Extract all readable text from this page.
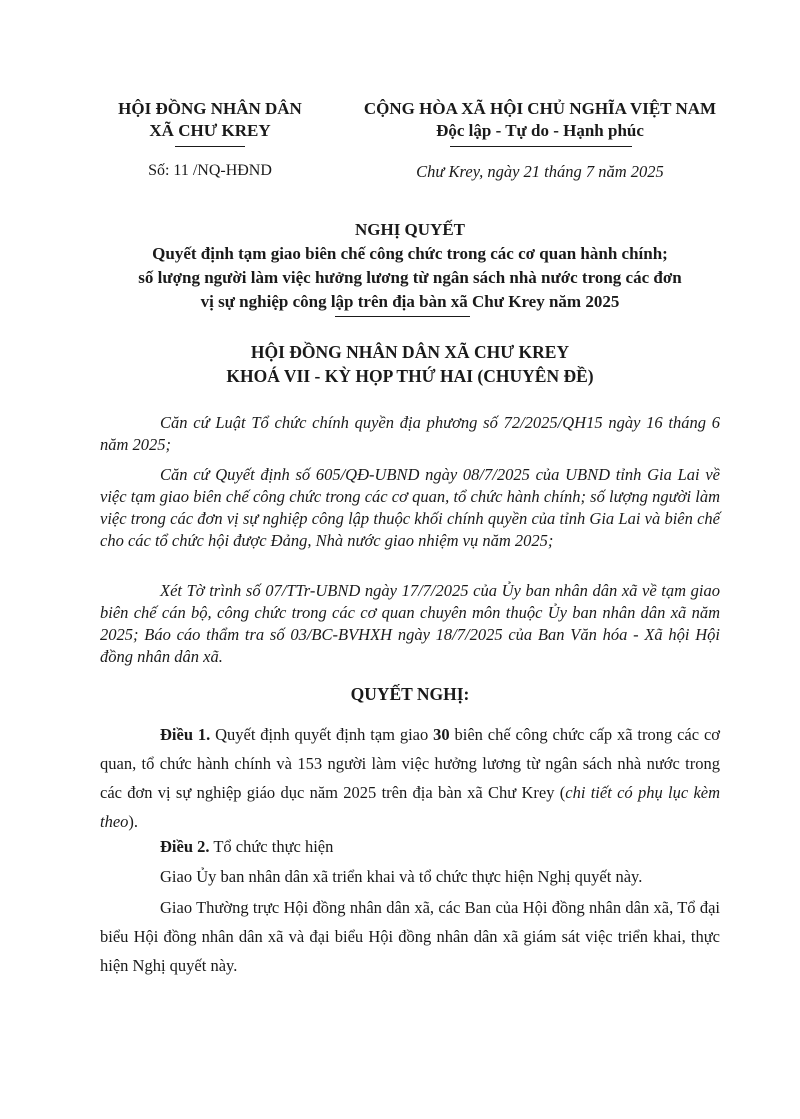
HỘI ĐỒNG NHÂN DÂN
XÃ CHƯ KREY
Số: 11 /NQ-HĐND
CỘNG HÒA XÃ HỘI CHỦ NGHĨA VIỆT NAM
Độc lập - Tự do - Hạnh phúc
Chư Krey, ngày 21 tháng 7 năm 2025
NGHỊ QUYẾT
Quyết định tạm giao biên chế công chức trong các cơ quan hành chính;
số lượng người làm việc hưởng lương từ ngân sách nhà nước trong các đơn
vị sự nghiệp công lập trên địa bàn xã Chư Krey năm 2025
HỘI ĐỒNG NHÂN DÂN XÃ CHƯ KREY
KHOÁ VII - KỲ HỌP THỨ HAI (CHUYÊN ĐỀ)
Căn cứ Luật Tổ chức chính quyền địa phương số 72/2025/QH15 ngày 16 tháng 6 năm 2025;
Căn cứ Quyết định số 605/QĐ-UBND ngày 08/7/2025 của UBND tỉnh Gia Lai về việc tạm giao biên chế công chức trong các cơ quan, tổ chức hành chính; số lượng người làm việc trong các đơn vị sự nghiệp công lập thuộc khối chính quyền của tỉnh Gia Lai và biên chế cho các tổ chức hội được Đảng, Nhà nước giao nhiệm vụ năm 2025;
Xét Tờ trình số 07/TTr-UBND ngày 17/7/2025 của Ủy ban nhân dân xã về tạm giao biên chế cán bộ, công chức trong các cơ quan chuyên môn thuộc Ủy ban nhân dân xã năm 2025; Báo cáo thẩm tra số 03/BC-BVHXH ngày 18/7/2025 của Ban Văn hóa - Xã hội Hội đồng nhân dân xã.
QUYẾT NGHỊ:
Điều 1. Quyết định quyết định tạm giao 30 biên chế công chức cấp xã trong các cơ quan, tổ chức hành chính và 153 người làm việc hưởng lương từ ngân sách nhà nước trong các đơn vị sự nghiệp giáo dục năm 2025 trên địa bàn xã Chư Krey (chi tiết có phụ lục kèm theo).
Điều 2. Tổ chức thực hiện
Giao Ủy ban nhân dân xã triển khai và tổ chức thực hiện Nghị quyết này.
Giao Thường trực Hội đồng nhân dân xã, các Ban của Hội đồng nhân dân xã, Tổ đại biểu Hội đồng nhân dân xã và đại biểu Hội đồng nhân dân xã giám sát việc triển khai, thực hiện Nghị quyết này.
